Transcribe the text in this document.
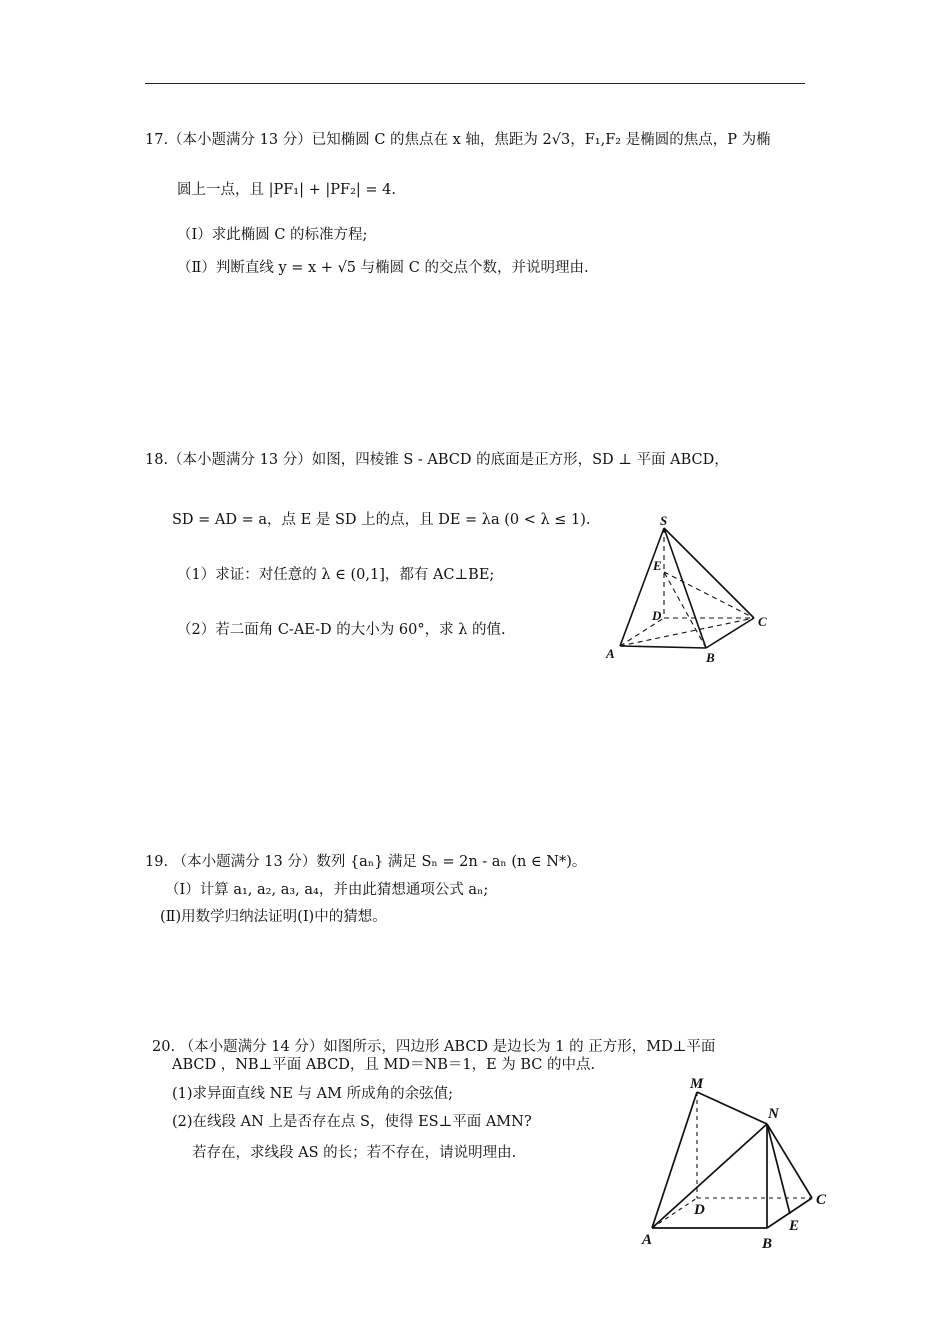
17.（本小题满分 13 分）已知椭圆 C 的焦点在 x 轴，焦距为 2√3，F₁,F₂ 是椭圆的焦点，P 为椭
圆上一点，且 |PF₁| + |PF₂| = 4.
（Ⅰ）求此椭圆 C 的标准方程;
（Ⅱ）判断直线 y = x + √5 与椭圆 C 的交点个数，并说明理由.
18.（本小题满分 13 分）如图，四棱锥 S - ABCD 的底面是正方形，SD ⊥ 平面 ABCD，
SD = AD = a，点 E 是 SD 上的点，且 DE = λa (0 < λ ≤ 1).
（1）求证：对任意的 λ ∈ (0,1]，都有 AC⊥BE;
（2）若二面角 C-AE-D 的大小为 60°，求 λ 的值.
S
E
D	C
A	B
19. （本小题满分 13 分）数列 {aₙ} 满足 Sₙ = 2n - aₙ (n ∈ N*)。
（Ⅰ）计算 a₁, a₂, a₃, a₄，并由此猜想通项公式 aₙ;
(Ⅱ)用数学归纳法证明(Ⅰ)中的猜想。
20. （本小题满分 14 分）如图所示，四边形 ABCD 是边长为 1 的 正方形，MD⊥平面
ABCD ，NB⊥平面 ABCD，且 MD＝NB＝1，E 为 BC 的中点.
(1)求异面直线 NE 与 AM 所成角的余弦值;
(2)在线段 AN 上是否存在点 S，使得 ES⊥平面 AMN?
若存在，求线段 AS 的长；若不存在，请说明理由.
M
N
D
C
A	B
E
